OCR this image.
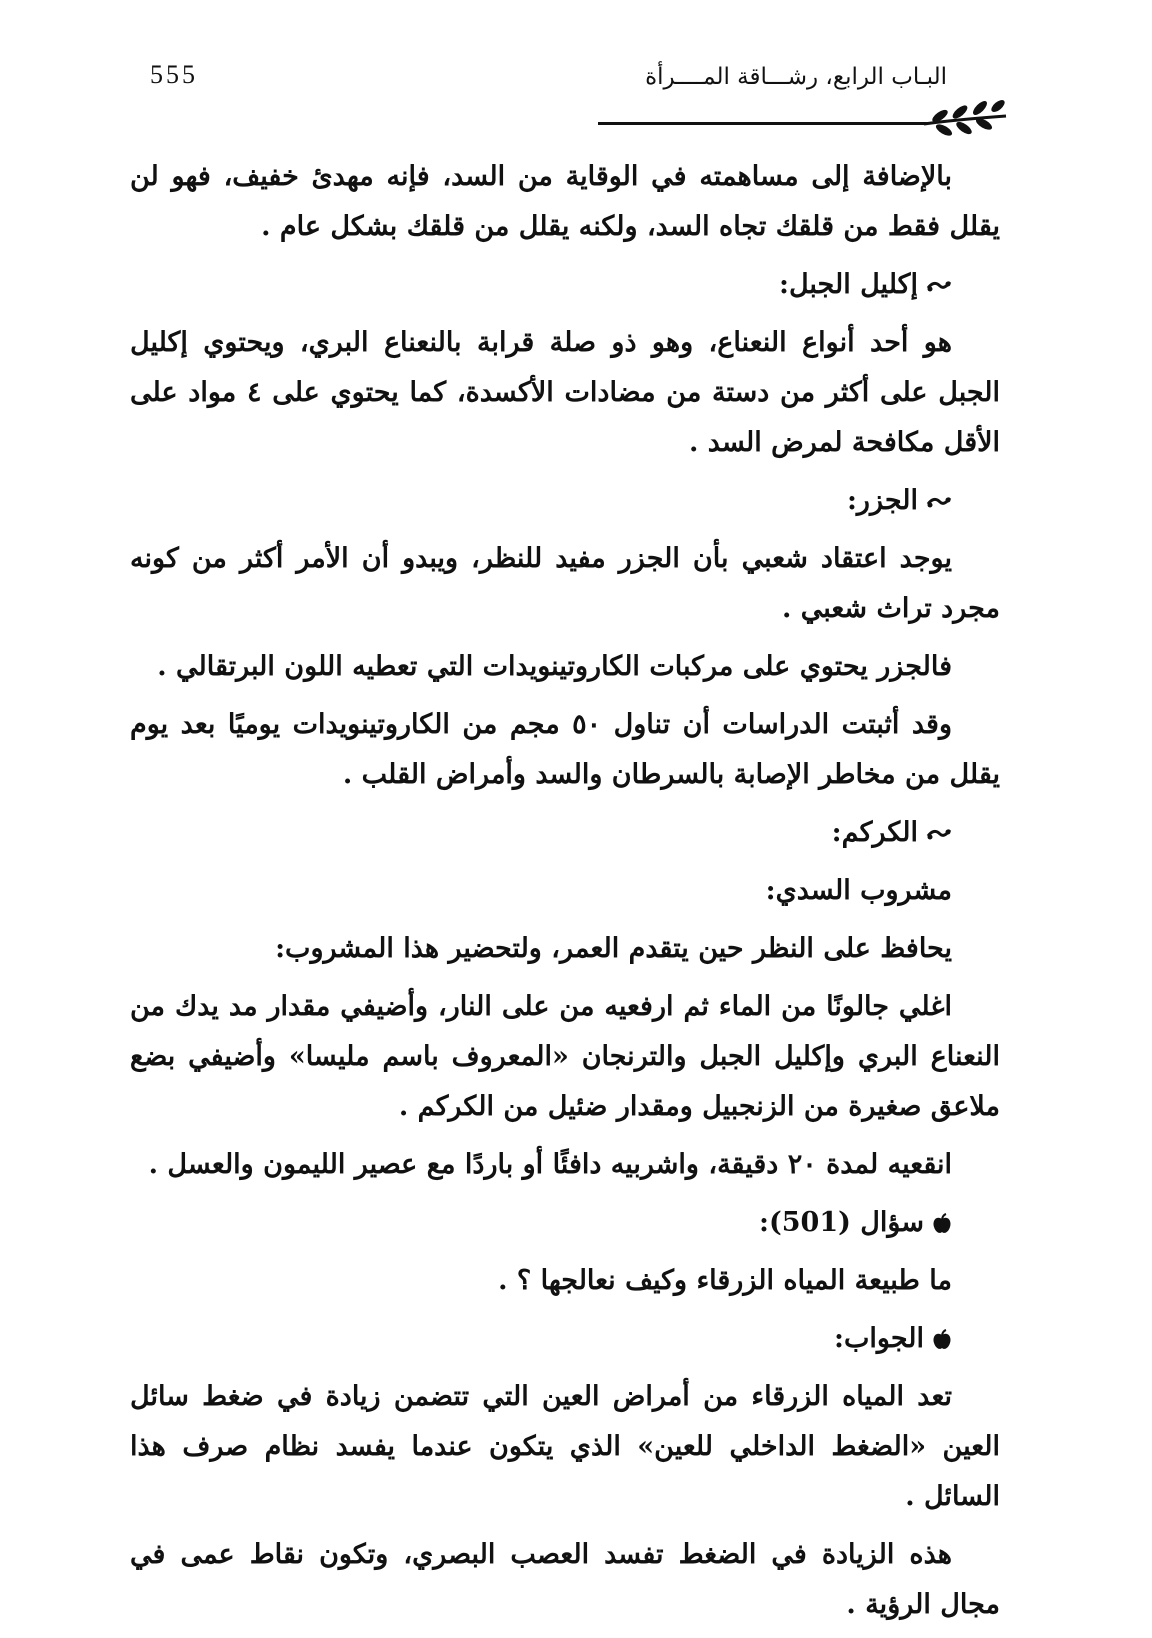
555	البـاب الرابع، رشـــاقة المــــرأة

بالإضافة إلى مساهمته في الوقاية من السد، فإنه مهدئ خفيف، فهو لن يقلل فقط من قلقك تجاه السد، ولكنه يقلل من قلقك بشكل عام .

إكليل الجبل:

هو أحد أنواع النعناع، وهو ذو صلة قرابة بالنعناع البري، ويحتوي إكليل الجبل على أكثر من دستة من مضادات الأكسدة، كما يحتوي على ٤ مواد على الأقل مكافحة لمرض السد .

الجزر:

يوجد اعتقاد شعبي بأن الجزر مفيد للنظر، ويبدو أن الأمر أكثر من كونه مجرد تراث شعبي .

فالجزر يحتوي على مركبات الكاروتينويدات التي تعطيه اللون البرتقالي .

وقد أثبتت الدراسات أن تناول ٥٠ مجم من الكاروتينويدات يوميًا بعد يوم يقلل من مخاطر الإصابة بالسرطان والسد وأمراض القلب .

الكركم:
مشروب السدي:

يحافظ على النظر حين يتقدم العمر، ولتحضير هذا المشروب:

اغلي جالونًا من الماء ثم ارفعيه من على النار، وأضيفي مقدار مد يدك من النعناع البري وإكليل الجبل والترنجان «المعروف باسم مليسا» وأضيفي بضع ملاعق صغيرة من الزنجبيل ومقدار ضئيل من الكركم .

انقعيه لمدة ٢٠ دقيقة، واشربيه دافئًا أو باردًا مع عصير الليمون والعسل .

سؤال (501):

ما طبيعة المياه الزرقاء وكيف نعالجها ؟ .

الجواب:

تعد المياه الزرقاء من أمراض العين التي تتضمن زيادة في ضغط سائل العين «الضغط الداخلي للعين» الذي يتكون عندما يفسد نظام صرف هذا السائل .

هذه الزيادة في الضغط تفسد العصب البصري، وتكون نقاط عمى في مجال الرؤية .
